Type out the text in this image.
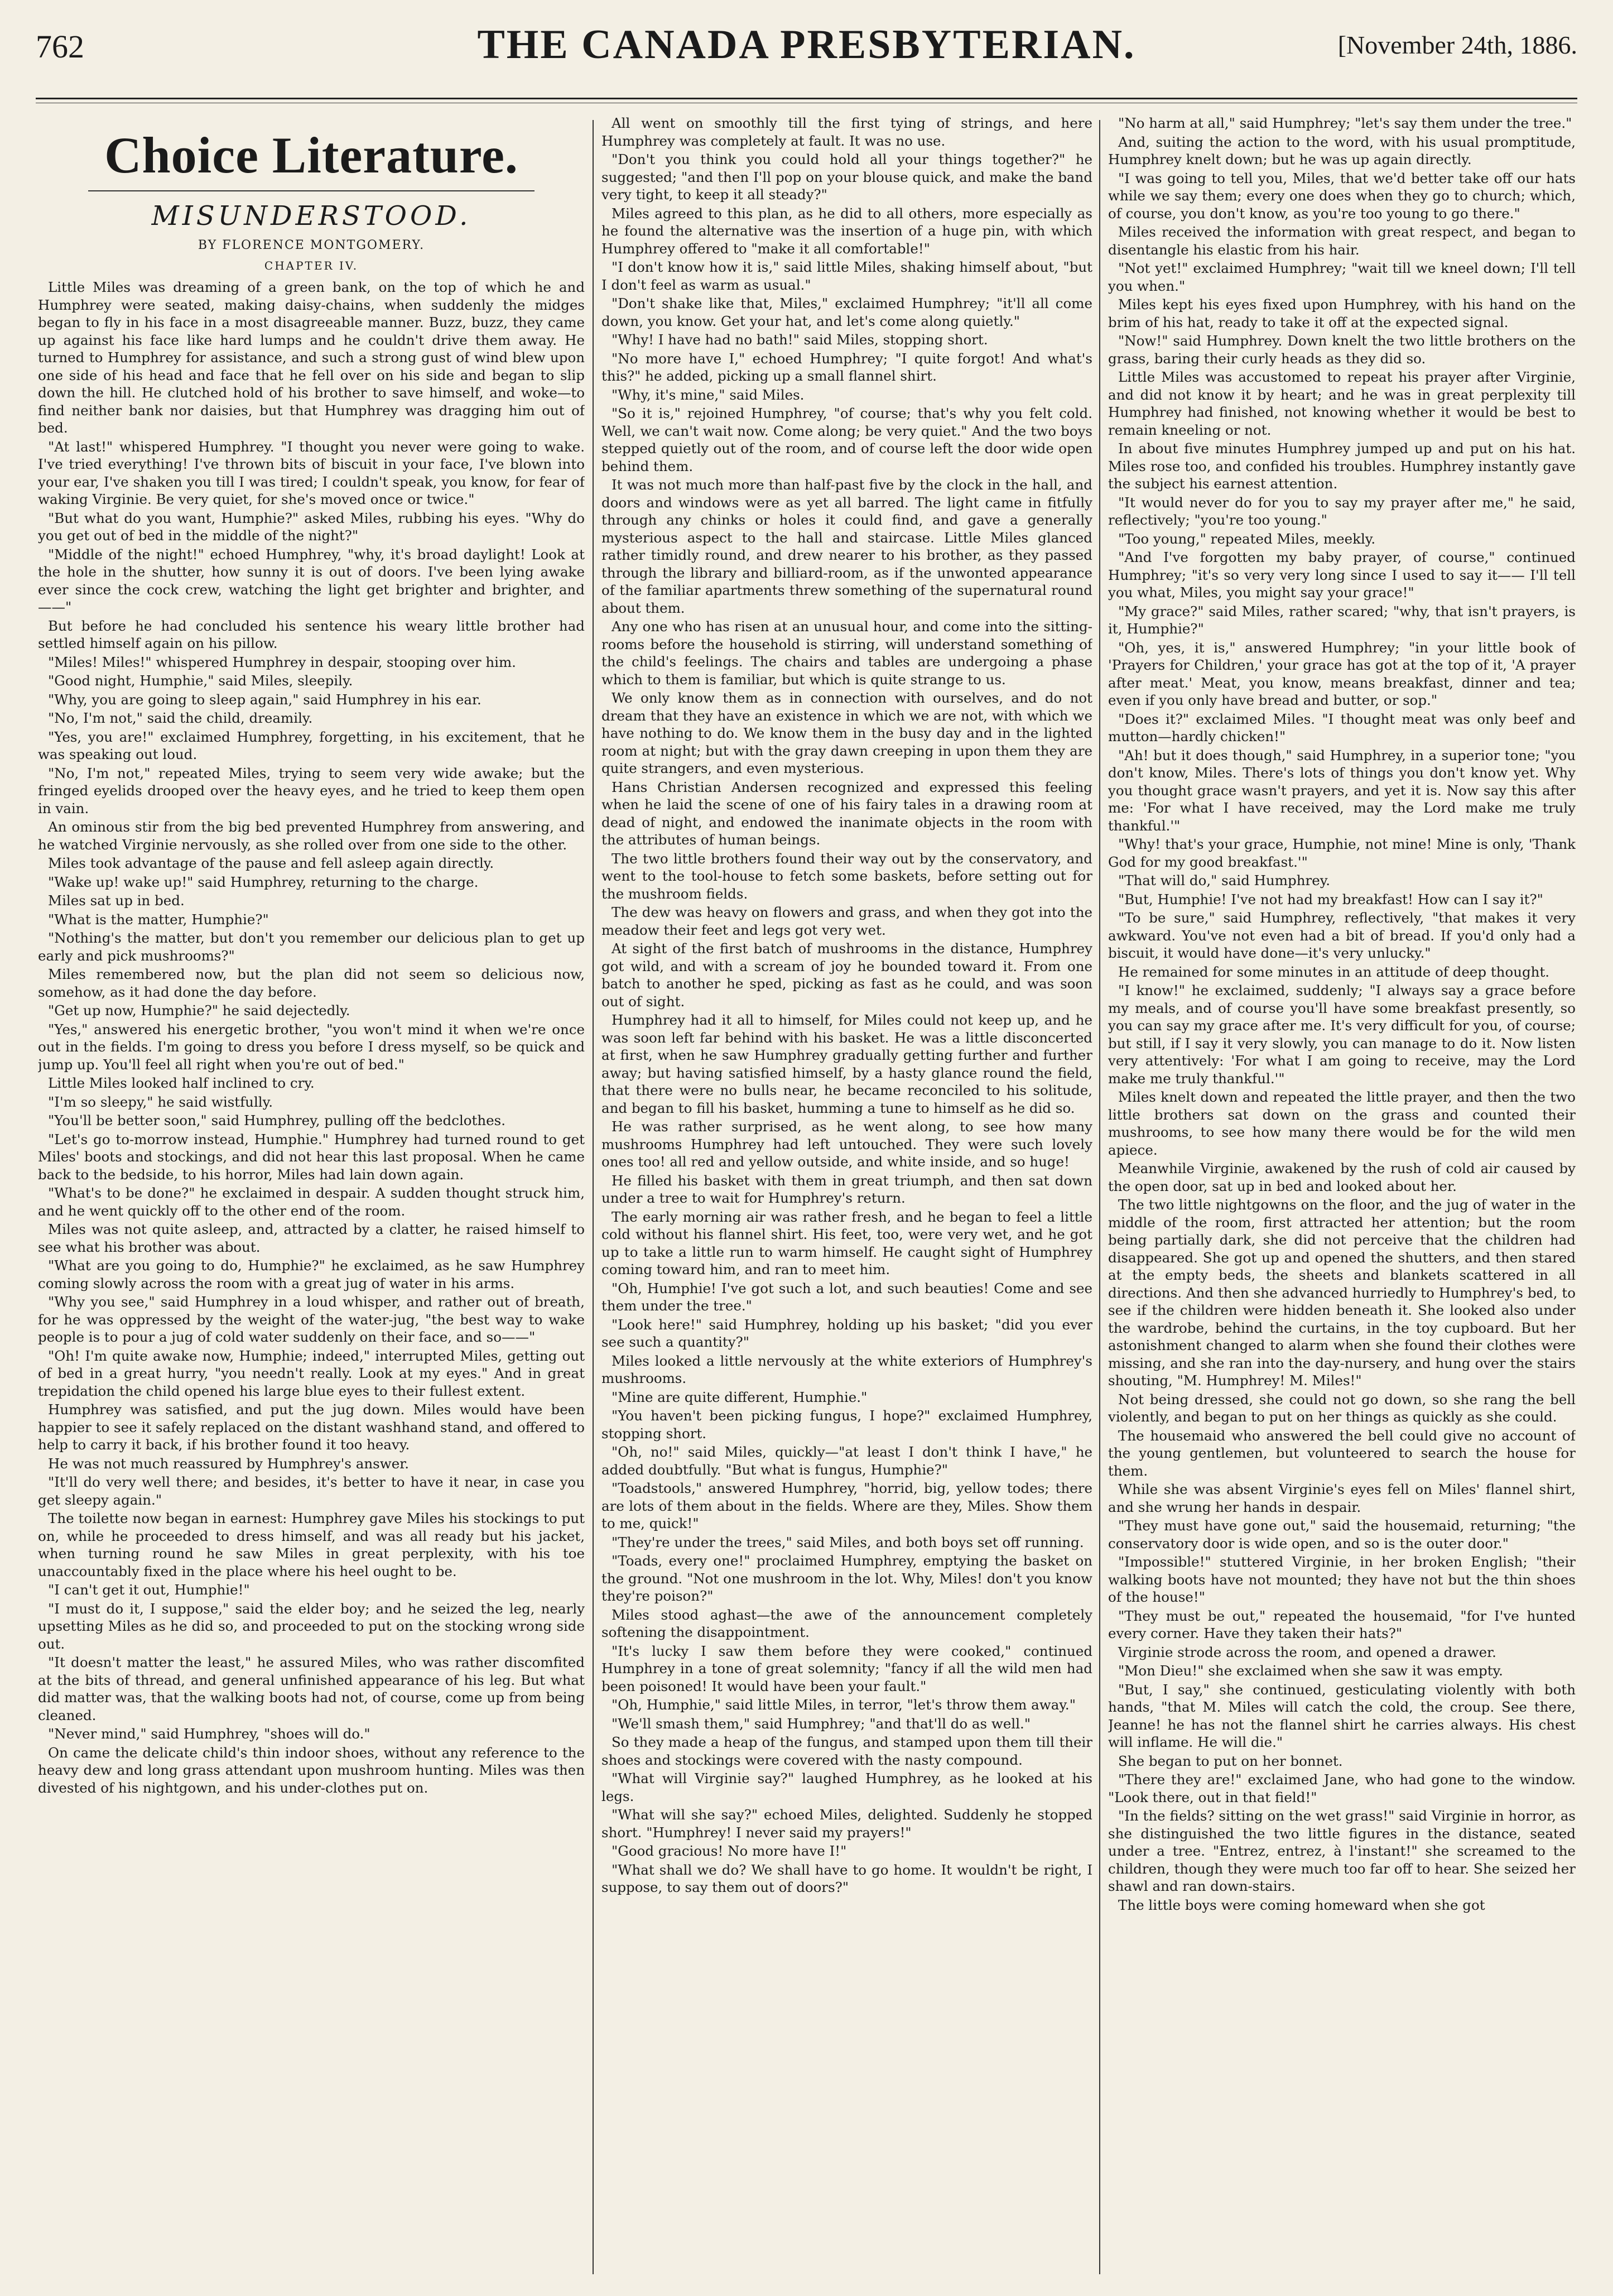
762	THE CANADA PRESBYTERIAN.	[November 24th, 1886.
Choice Literature.
MISUNDERSTOOD.
BY FLORENCE MONTGOMERY.
CHAPTER IV.

Little Miles was dreaming of a green bank, on the top of which he and Humphrey were seated, making daisy-chains, when suddenly the midges began to fly in his face in a most disagreeable manner. Buzz, buzz, they came up against his face like hard lumps and he couldn't drive them away. He turned to Humphrey for assistance, and such a strong gust of wind blew upon one side of his head and face that he fell over on his side and began to slip down the hill. He clutched hold of his brother to save himself, and woke—to find neither bank nor daisies, but that Humphrey was dragging him out of bed.

"At last!" whispered Humphrey. "I thought you never were going to wake. I've tried everything! I've thrown bits of biscuit in your face, I've blown into your ear, I've shaken you till I was tired; I couldn't speak, you know, for fear of waking Virginie. Be very quiet, for she's moved once or twice."

"But what do you want, Humphie?" asked Miles, rubbing his eyes. "Why do you get out of bed in the middle of the night?"

"Middle of the night!" echoed Humphrey, "why, it's broad daylight! Look at the hole in the shutter, how sunny it is out of doors. I've been lying awake ever since the cock crew, watching the light get brighter and brighter, and——"

But before he had concluded his sentence his weary little brother had settled himself again on his pillow.

"Miles! Miles!" whispered Humphrey in despair, stooping over him.

"Good night, Humphie," said Miles, sleepily.

"Why, you are going to sleep again," said Humphrey in his ear.

"No, I'm not," said the child, dreamily.

"Yes, you are!" exclaimed Humphrey, forgetting, in his excitement, that he was speaking out loud.

"No, I'm not," repeated Miles, trying to seem very wide awake; but the fringed eyelids drooped over the heavy eyes, and he tried to keep them open in vain.

An ominous stir from the big bed prevented Humphrey from answering, and he watched Virginie nervously, as she rolled over from one side to the other.

Miles took advantage of the pause and fell asleep again directly.

"Wake up! wake up!" said Humphrey, returning to the charge.

Miles sat up in bed.

"What is the matter, Humphie?"

"Nothing's the matter, but don't you remember our delicious plan to get up early and pick mushrooms?"

Miles remembered now, but the plan did not seem so delicious now, somehow, as it had done the day before.

"Get up now, Humphie?" he said dejectedly.

"Yes," answered his energetic brother, "you won't mind it when we're once out in the fields. I'm going to dress you before I dress myself, so be quick and jump up. You'll feel all right when you're out of bed."

Little Miles looked half inclined to cry.

"I'm so sleepy," he said wistfully.

"You'll be better soon," said Humphrey, pulling off the bedclothes.

"Let's go to-morrow instead, Humphie." Humphrey had turned round to get Miles' boots and stockings, and did not hear this last proposal. When he came back to the bedside, to his horror, Miles had lain down again.

"What's to be done?" he exclaimed in despair. A sudden thought struck him, and he went quickly off to the other end of the room.

Miles was not quite asleep, and, attracted by a clatter, he raised himself to see what his brother was about.

"What are you going to do, Humphie?" he exclaimed, as he saw Humphrey coming slowly across the room with a great jug of water in his arms.

"Why you see," said Humphrey in a loud whisper, and rather out of breath, for he was oppressed by the weight of the water-jug, "the best way to wake people is to pour a jug of cold water suddenly on their face, and so——"

"Oh! I'm quite awake now, Humphie; indeed," interrupted Miles, getting out of bed in a great hurry, "you needn't really. Look at my eyes." And in great trepidation the child opened his large blue eyes to their fullest extent.

Humphrey was satisfied, and put the jug down. Miles would have been happier to see it safely replaced on the distant washhand stand, and offered to help to carry it back, if his brother found it too heavy.

He was not much reassured by Humphrey's answer.

"It'll do very well there; and besides, it's better to have it near, in case you get sleepy again."

The toilette now began in earnest: Humphrey gave Miles his stockings to put on, while he proceeded to dress himself, and was all ready but his jacket, when turning round he saw Miles in great perplexity, with his toe unaccountably fixed in the place where his heel ought to be.

"I can't get it out, Humphie!"

"I must do it, I suppose," said the elder boy; and he seized the leg, nearly upsetting Miles as he did so, and proceeded to put on the stocking wrong side out.

"It doesn't matter the least," he assured Miles, who was rather discomfited at the bits of thread, and general unfinished appearance of his leg. But what did matter was, that the walking boots had not, of course, come up from being cleaned.

"Never mind," said Humphrey, "shoes will do."

On came the delicate child's thin indoor shoes, without any reference to the heavy dew and long grass attendant upon mushroom hunting. Miles was then divested of his nightgown, and his under-clothes put on.

All went on smoothly till the first tying of strings, and here Humphrey was completely at fault. It was no use.

"Don't you think you could hold all your things together?" he suggested; "and then I'll pop on your blouse quick, and make the band very tight, to keep it all steady?"

Miles agreed to this plan, as he did to all others, more especially as he found the alternative was the insertion of a huge pin, with which Humphrey offered to "make it all comfortable!"

"I don't know how it is," said little Miles, shaking himself about, "but I don't feel as warm as usual."

"Don't shake like that, Miles," exclaimed Humphrey; "it'll all come down, you know. Get your hat, and let's come along quietly."

"Why! I have had no bath!" said Miles, stopping short.

"No more have I," echoed Humphrey; "I quite forgot! And what's this?" he added, picking up a small flannel shirt.

"Why, it's mine," said Miles.

"So it is," rejoined Humphrey, "of course; that's why you felt cold. Well, we can't wait now. Come along; be very quiet." And the two boys stepped quietly out of the room, and of course left the door wide open behind them.

It was not much more than half-past five by the clock in the hall, and doors and windows were as yet all barred. The light came in fitfully through any chinks or holes it could find, and gave a generally mysterious aspect to the hall and staircase. Little Miles glanced rather timidly round, and drew nearer to his brother, as they passed through the library and billiard-room, as if the unwonted appearance of the familiar apartments threw something of the supernatural round about them.

Any one who has risen at an unusual hour, and come into the sitting-rooms before the household is stirring, will understand something of the child's feelings. The chairs and tables are undergoing a phase which to them is familiar, but which is quite strange to us.

We only know them as in connection with ourselves, and do not dream that they have an existence in which we are not, with which we have nothing to do. We know them in the busy day and in the lighted room at night; but with the gray dawn creeping in upon them they are quite strangers, and even mysterious.

Hans Christian Andersen recognized and expressed this feeling when he laid the scene of one of his fairy tales in a drawing room at dead of night, and endowed the inanimate objects in the room with the attributes of human beings.

The two little brothers found their way out by the conservatory, and went to the tool-house to fetch some baskets, before setting out for the mushroom fields.

The dew was heavy on flowers and grass, and when they got into the meadow their feet and legs got very wet.

At sight of the first batch of mushrooms in the distance, Humphrey got wild, and with a scream of joy he bounded toward it. From one batch to another he sped, picking as fast as he could, and was soon out of sight.

Humphrey had it all to himself, for Miles could not keep up, and he was soon left far behind with his basket. He was a little disconcerted at first, when he saw Humphrey gradually getting further and further away; but having satisfied himself, by a hasty glance round the field, that there were no bulls near, he became reconciled to his solitude, and began to fill his basket, humming a tune to himself as he did so.

He was rather surprised, as he went along, to see how many mushrooms Humphrey had left untouched. They were such lovely ones too! all red and yellow outside, and white inside, and so huge!

He filled his basket with them in great triumph, and then sat down under a tree to wait for Humphrey's return.

The early morning air was rather fresh, and he began to feel a little cold without his flannel shirt. His feet, too, were very wet, and he got up to take a little run to warm himself. He caught sight of Humphrey coming toward him, and ran to meet him.

"Oh, Humphie! I've got such a lot, and such beauties! Come and see them under the tree."

"Look here!" said Humphrey, holding up his basket; "did you ever see such a quantity?"

Miles looked a little nervously at the white exteriors of Humphrey's mushrooms.

"Mine are quite different, Humphie."

"You haven't been picking fungus, I hope?" exclaimed Humphrey, stopping short.

"Oh, no!" said Miles, quickly—"at least I don't think I have," he added doubtfully. "But what is fungus, Humphie?"

"Toadstools," answered Humphrey, "horrid, big, yellow todes; there are lots of them about in the fields. Where are they, Miles. Show them to me, quick!"

"They're under the trees," said Miles, and both boys set off running.

"Toads, every one!" proclaimed Humphrey, emptying the basket on the ground. "Not one mushroom in the lot. Why, Miles! don't you know they're poison?"

Miles stood aghast—the awe of the announcement completely softening the disappointment.

"It's lucky I saw them before they were cooked," continued Humphrey in a tone of great solemnity; "fancy if all the wild men had been poisoned! It would have been your fault."

"Oh, Humphie," said little Miles, in terror, "let's throw them away."

"We'll smash them," said Humphrey; "and that'll do as well."

So they made a heap of the fungus, and stamped upon them till their shoes and stockings were covered with the nasty compound.

"What will Virginie say?" laughed Humphrey, as he looked at his legs.

"What will she say?" echoed Miles, delighted. Suddenly he stopped short. "Humphrey! I never said my prayers!"

"Good gracious! No more have I!"

"What shall we do? We shall have to go home. It wouldn't be right, I suppose, to say them out of doors?"

"No harm at all," said Humphrey; "let's say them under the tree."

And, suiting the action to the word, with his usual promptitude, Humphrey knelt down; but he was up again directly.

"I was going to tell you, Miles, that we'd better take off our hats while we say them; every one does when they go to church; which, of course, you don't know, as you're too young to go there."

Miles received the information with great respect, and began to disentangle his elastic from his hair.

"Not yet!" exclaimed Humphrey; "wait till we kneel down; I'll tell you when."

Miles kept his eyes fixed upon Humphrey, with his hand on the brim of his hat, ready to take it off at the expected signal.

"Now!" said Humphrey. Down knelt the two little brothers on the grass, baring their curly heads as they did so.

Little Miles was accustomed to repeat his prayer after Virginie, and did not know it by heart; and he was in great perplexity till Humphrey had finished, not knowing whether it would be best to remain kneeling or not.

In about five minutes Humphrey jumped up and put on his hat. Miles rose too, and confided his troubles. Humphrey instantly gave the subject his earnest attention.

"It would never do for you to say my prayer after me," he said, reflectively; "you're too young."

"Too young," repeated Miles, meekly.

"And I've forgotten my baby prayer, of course," continued Humphrey; "it's so very very long since I used to say it—— I'll tell you what, Miles, you might say your grace!"

"My grace?" said Miles, rather scared; "why, that isn't prayers, is it, Humphie?"

"Oh, yes, it is," answered Humphrey; "in your little book of 'Prayers for Children,' your grace has got at the top of it, 'A prayer after meat.' Meat, you know, means breakfast, dinner and tea; even if you only have bread and butter, or sop."

"Does it?" exclaimed Miles. "I thought meat was only beef and mutton—hardly chicken!"

"Ah! but it does though," said Humphrey, in a superior tone; "you don't know, Miles. There's lots of things you don't know yet. Why you thought grace wasn't prayers, and yet it is. Now say this after me: 'For what I have received, may the Lord make me truly thankful.'"

"Why! that's your grace, Humphie, not mine! Mine is only, 'Thank God for my good breakfast.'"

"That will do," said Humphrey.

"But, Humphie! I've not had my breakfast! How can I say it?"

"To be sure," said Humphrey, reflectively, "that makes it very awkward. You've not even had a bit of bread. If you'd only had a biscuit, it would have done—it's very unlucky."

He remained for some minutes in an attitude of deep thought.

"I know!" he exclaimed, suddenly; "I always say a grace before my meals, and of course you'll have some breakfast presently, so you can say my grace after me. It's very difficult for you, of course; but still, if I say it very slowly, you can manage to do it. Now listen very attentively: 'For what I am going to receive, may the Lord make me truly thankful.'"

Miles knelt down and repeated the little prayer, and then the two little brothers sat down on the grass and counted their mushrooms, to see how many there would be for the wild men apiece.

Meanwhile Virginie, awakened by the rush of cold air caused by the open door, sat up in bed and looked about her.

The two little nightgowns on the floor, and the jug of water in the middle of the room, first attracted her attention; but the room being partially dark, she did not perceive that the children had disappeared. She got up and opened the shutters, and then stared at the empty beds, the sheets and blankets scattered in all directions. And then she advanced hurriedly to Humphrey's bed, to see if the children were hidden beneath it. She looked also under the wardrobe, behind the curtains, in the toy cupboard. But her astonishment changed to alarm when she found their clothes were missing, and she ran into the day-nursery, and hung over the stairs shouting, "M. Humphrey! M. Miles!"

Not being dressed, she could not go down, so she rang the bell violently, and began to put on her things as quickly as she could.

The housemaid who answered the bell could give no account of the young gentlemen, but volunteered to search the house for them.

While she was absent Virginie's eyes fell on Miles' flannel shirt, and she wrung her hands in despair.

"They must have gone out," said the housemaid, returning; "the conservatory door is wide open, and so is the outer door."

"Impossible!" stuttered Virginie, in her broken English; "their walking boots have not mounted; they have not but the thin shoes of the house!"

"They must be out," repeated the housemaid, "for I've hunted every corner. Have they taken their hats?"

Virginie strode across the room, and opened a drawer.

"Mon Dieu!" she exclaimed when she saw it was empty.

"But, I say," she continued, gesticulating violently with both hands, "that M. Miles will catch the cold, the croup. See there, Jeanne! he has not the flannel shirt he carries always. His chest will inflame. He will die."

She began to put on her bonnet.

"There they are!" exclaimed Jane, who had gone to the window. "Look there, out in that field!"

"In the fields? sitting on the wet grass!" said Virginie in horror, as she distinguished the two little figures in the distance, seated under a tree. "Entrez, entrez, à l'instant!" she screamed to the children, though they were much too far off to hear. She seized her shawl and ran down-stairs.

The little boys were coming homeward when she got
